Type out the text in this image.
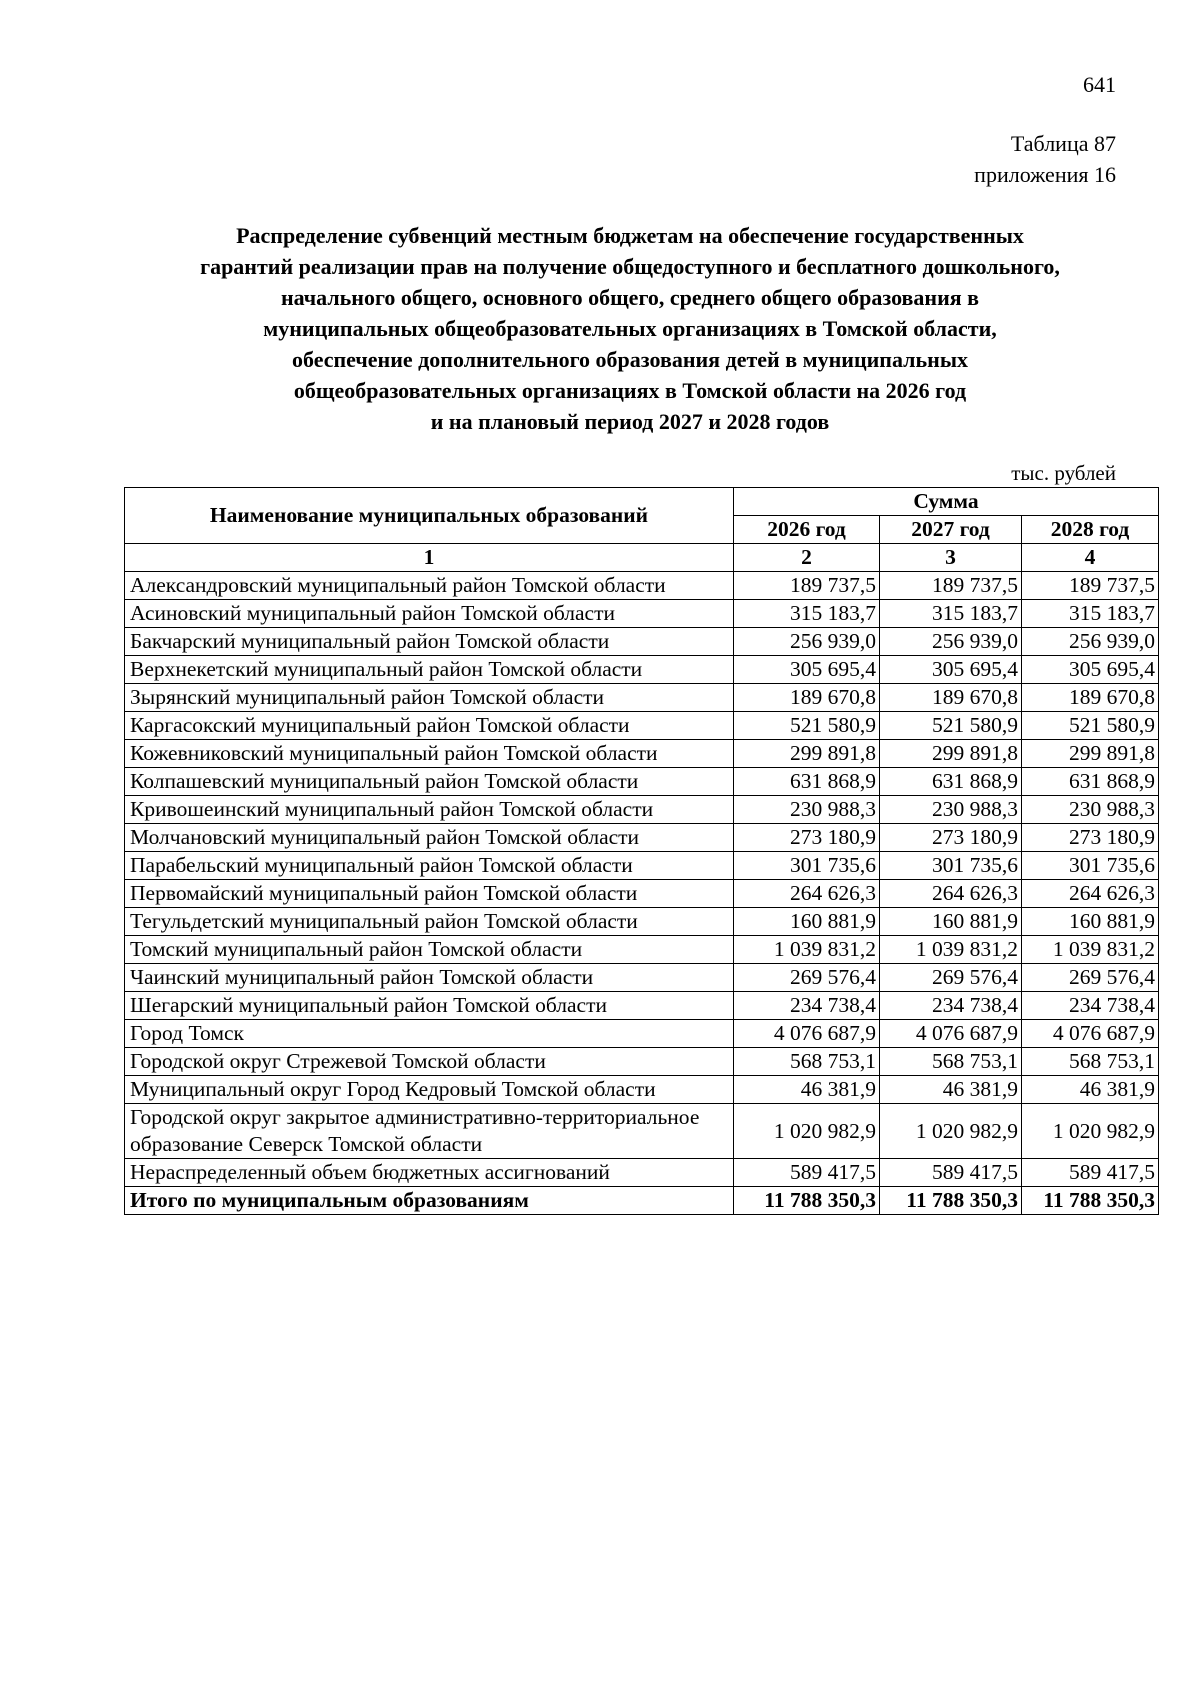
641
Таблица 87
приложения 16
Распределение субвенций местным бюджетам на обеспечение государственных
гарантий реализации прав на получение общедоступного и бесплатного дошкольного,
начального общего, основного общего, среднего общего образования в
муниципальных общеобразовательных организациях в Томской области,
обеспечение дополнительного образования детей в муниципальных
общеобразовательных организациях в Томской области на 2026 год
и на плановый период 2027 и 2028 годов
тыс. рублей
Наименование муниципальных образований	Сумма		
	2026 год	2027 год	2028 год
1	2	3	4
Александровский муниципальный район Томской области	189 737,5	189 737,5	189 737,5
Асиновский муниципальный район Томской области	315 183,7	315 183,7	315 183,7
Бакчарский муниципальный район Томской области	256 939,0	256 939,0	256 939,0
Верхнекетский муниципальный район Томской области	305 695,4	305 695,4	305 695,4
Зырянский муниципальный район Томской области	189 670,8	189 670,8	189 670,8
Каргасокский муниципальный район Томской области	521 580,9	521 580,9	521 580,9
Кожевниковский муниципальный район Томской области	299 891,8	299 891,8	299 891,8
Колпашевский муниципальный район Томской области	631 868,9	631 868,9	631 868,9
Кривошеинский муниципальный район Томской области	230 988,3	230 988,3	230 988,3
Молчановский муниципальный район Томской области	273 180,9	273 180,9	273 180,9
Парабельский муниципальный район Томской области	301 735,6	301 735,6	301 735,6
Первомайский муниципальный район Томской области	264 626,3	264 626,3	264 626,3
Тегульдетский муниципальный район Томской области	160 881,9	160 881,9	160 881,9
Томский муниципальный район Томской области	1 039 831,2	1 039 831,2	1 039 831,2
Чаинский муниципальный район Томской области	269 576,4	269 576,4	269 576,4
Шегарский муниципальный район Томской области	234 738,4	234 738,4	234 738,4
Город Томск	4 076 687,9	4 076 687,9	4 076 687,9
Городской округ Стрежевой Томской области	568 753,1	568 753,1	568 753,1
Муниципальный округ Город Кедровый Томской области	46 381,9	46 381,9	46 381,9
Городской округ закрытое административно-территориальное образование Северск Томской области	1 020 982,9	1 020 982,9	1 020 982,9
Нераспределенный объем бюджетных ассигнований	589 417,5	589 417,5	589 417,5
Итого по муниципальным образованиям	11 788 350,3	11 788 350,3	11 788 350,3
